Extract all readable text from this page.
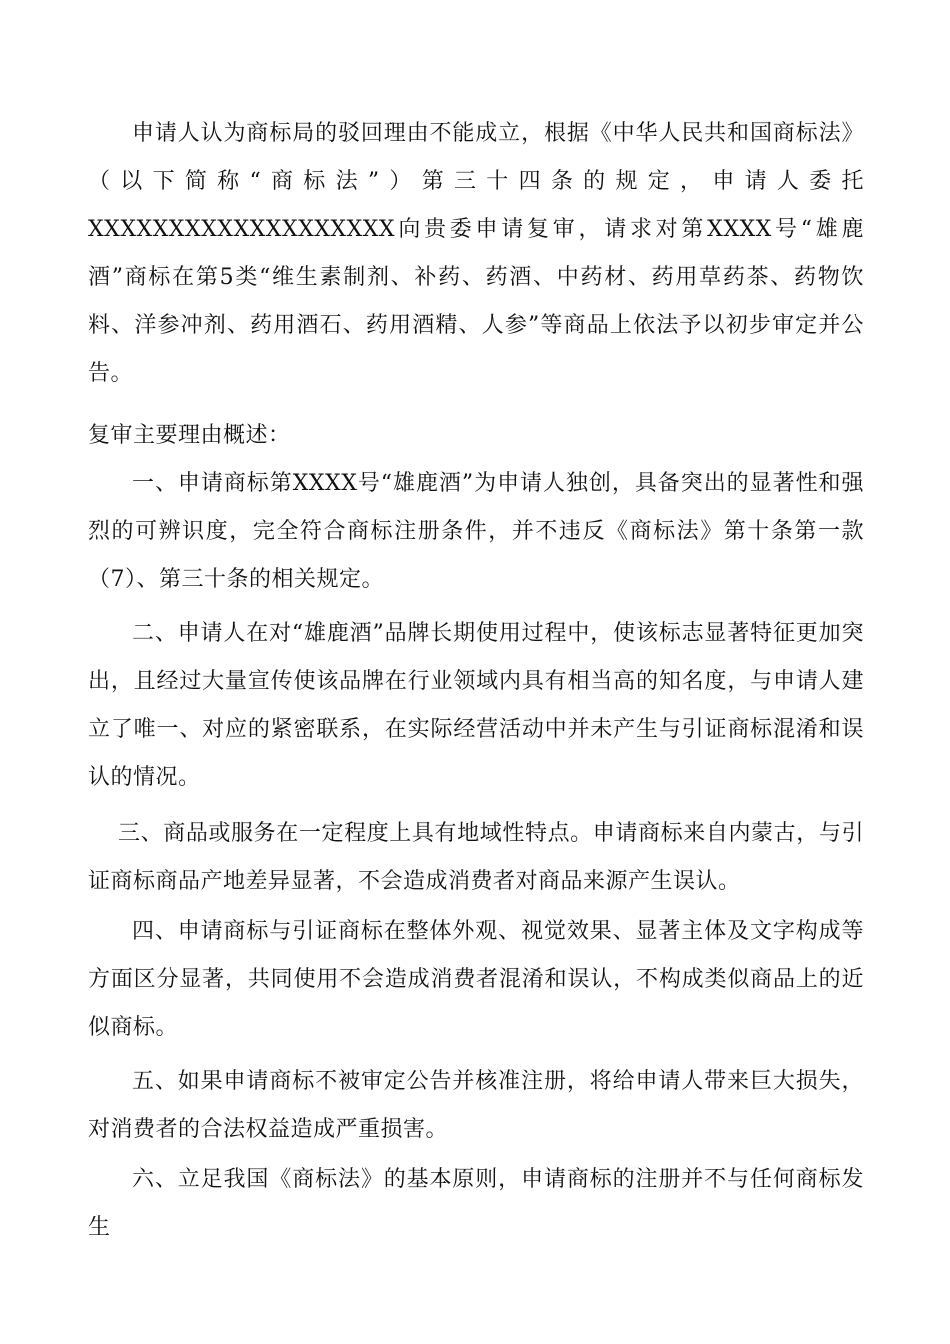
申请人认为商标局的驳回理由不能成立，根据《中华人民共和国商标法》（以下简称“商标法”）第三十四条的规定，申请人委托XXXXXXXXXXXXXXXXXXX向贵委申请复审，请求对第XXXX号“雄鹿酒”商标在第5类“维生素制剂、补药、药酒、中药材、药用草药茶、药物饮料、洋参冲剂、药用酒石、药用酒精、人参”等商品上依法予以初步审定并公告。

复审主要理由概述：

一、申请商标第XXXX号“雄鹿酒”为申请人独创，具备突出的显著性和强烈的可辨识度，完全符合商标注册条件，并不违反《商标法》第十条第一款（7）、第三十条的相关规定。

二、申请人在对“雄鹿酒”品牌长期使用过程中，使该标志显著特征更加突出，且经过大量宣传使该品牌在行业领域内具有相当高的知名度，与申请人建立了唯一、对应的紧密联系，在实际经营活动中并未产生与引证商标混淆和误认的情况。

三、商品或服务在一定程度上具有地域性特点。申请商标来自内蒙古，与引证商标商品产地差异显著，不会造成消费者对商品来源产生误认。

四、申请商标与引证商标在整体外观、视觉效果、显著主体及文字构成等方面区分显著，共同使用不会造成消费者混淆和误认，不构成类似商品上的近似商标。

五、如果申请商标不被审定公告并核准注册，将给申请人带来巨大损失，对消费者的合法权益造成严重损害。

六、立足我国《商标法》的基本原则，申请商标的注册并不与任何商标发生
